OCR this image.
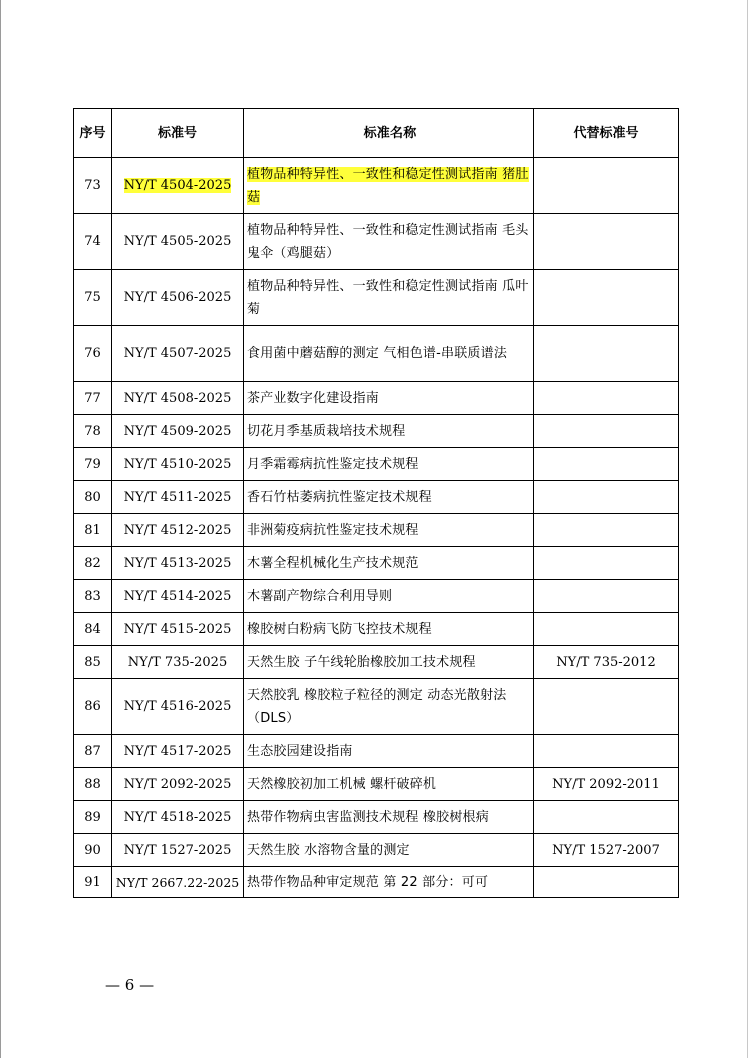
序号	标准号	标准名称	代替标准号
73	NY/T 4504-2025	植物品种特异性、一致性和稳定性测试指南 猪肚菇	
74	NY/T 4505-2025	植物品种特异性、一致性和稳定性测试指南 毛头鬼伞（鸡腿菇）	
75	NY/T 4506-2025	植物品种特异性、一致性和稳定性测试指南 瓜叶菊	
76	NY/T 4507-2025	食用菌中蘑菇醇的测定 气相色谱-串联质谱法	
77	NY/T 4508-2025	茶产业数字化建设指南	
78	NY/T 4509-2025	切花月季基质栽培技术规程	
79	NY/T 4510-2025	月季霜霉病抗性鉴定技术规程	
80	NY/T 4511-2025	香石竹枯萎病抗性鉴定技术规程	
81	NY/T 4512-2025	非洲菊疫病抗性鉴定技术规程	
82	NY/T 4513-2025	木薯全程机械化生产技术规范	
83	NY/T 4514-2025	木薯副产物综合利用导则	
84	NY/T 4515-2025	橡胶树白粉病飞防飞控技术规程	
85	NY/T 735-2025	天然生胶 子午线轮胎橡胶加工技术规程	NY/T 735-2012
86	NY/T 4516-2025	天然胶乳 橡胶粒子粒径的测定 动态光散射法（DLS）	
87	NY/T 4517-2025	生态胶园建设指南	
88	NY/T 2092-2025	天然橡胶初加工机械 螺杆破碎机	NY/T 2092-2011
89	NY/T 4518-2025	热带作物病虫害监测技术规程 橡胶树根病	
90	NY/T 1527-2025	天然生胶 水溶物含量的测定	NY/T 1527-2007
91	NY/T 2667.22-2025	热带作物品种审定规范 第 22 部分：可可	
— 6 —
